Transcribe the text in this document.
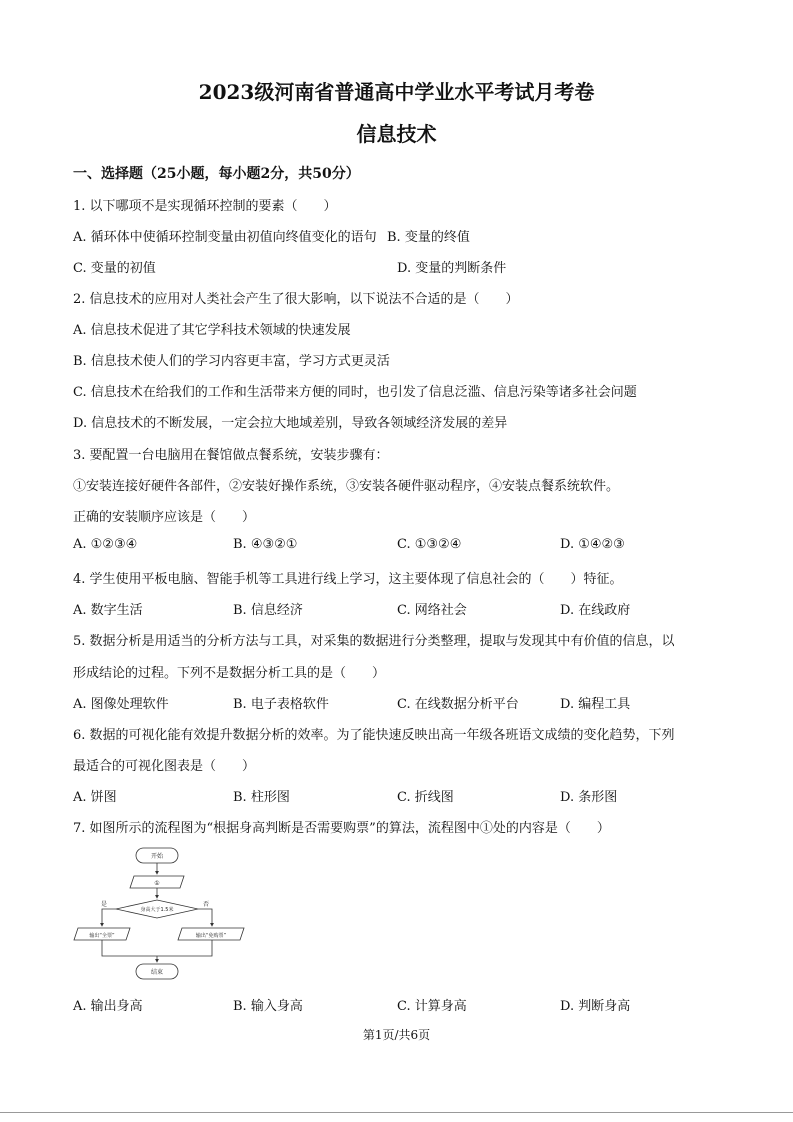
2023级河南省普通高中学业水平考试月考卷
信息技术
一、选择题（25小题，每小题2分，共50分）
1. 以下哪项不是实现循环控制的要素（　　）
A. 循环体中使循环控制变量由初值向终值变化的语句 B. 变量的终值
C. 变量的初值	D. 变量的判断条件
2. 信息技术的应用对人类社会产生了很大影响，以下说法不合适的是（　　）
A. 信息技术促进了其它学科技术领域的快速发展
B. 信息技术使人们的学习内容更丰富，学习方式更灵活
C. 信息技术在给我们的工作和生活带来方便的同时，也引发了信息泛滥、信息污染等诸多社会问题
D. 信息技术的不断发展，一定会拉大地域差别，导致各领域经济发展的差异
3. 要配置一台电脑用在餐馆做点餐系统，安装步骤有：
①安装连接好硬件各部件，②安装好操作系统，③安装各硬件驱动程序，④安装点餐系统软件。
正确的安装顺序应该是（　　）
A. ①②③④	B. ④③②①	C. ①③②④	D. ①④②③
4. 学生使用平板电脑、智能手机等工具进行线上学习，这主要体现了信息社会的（　　）特征。
A. 数字生活	B. 信息经济	C. 网络社会	D. 在线政府
5. 数据分析是用适当的分析方法与工具，对采集的数据进行分类整理，提取与发现其中有价值的信息，以
形成结论的过程。下列不是数据分析工具的是（　　）
A. 图像处理软件	B. 电子表格软件	C. 在线数据分析平台	D. 编程工具
6. 数据的可视化能有效提升数据分析的效率。为了能快速反映出高一年级各班语文成绩的变化趋势，下列
最适合的可视化图表是（　　）
A. 饼图	B. 柱形图	C. 折线图	D. 条形图
7. 如图所示的流程图为“根据身高判断是否需要购票”的算法，流程图中①处的内容是（　　）
开始
①
身高大于1.5米
是	否
输出“全票”	输出“免购票”
结束
A. 输出身高	B. 输入身高	C. 计算身高	D. 判断身高
第1页/共6页
